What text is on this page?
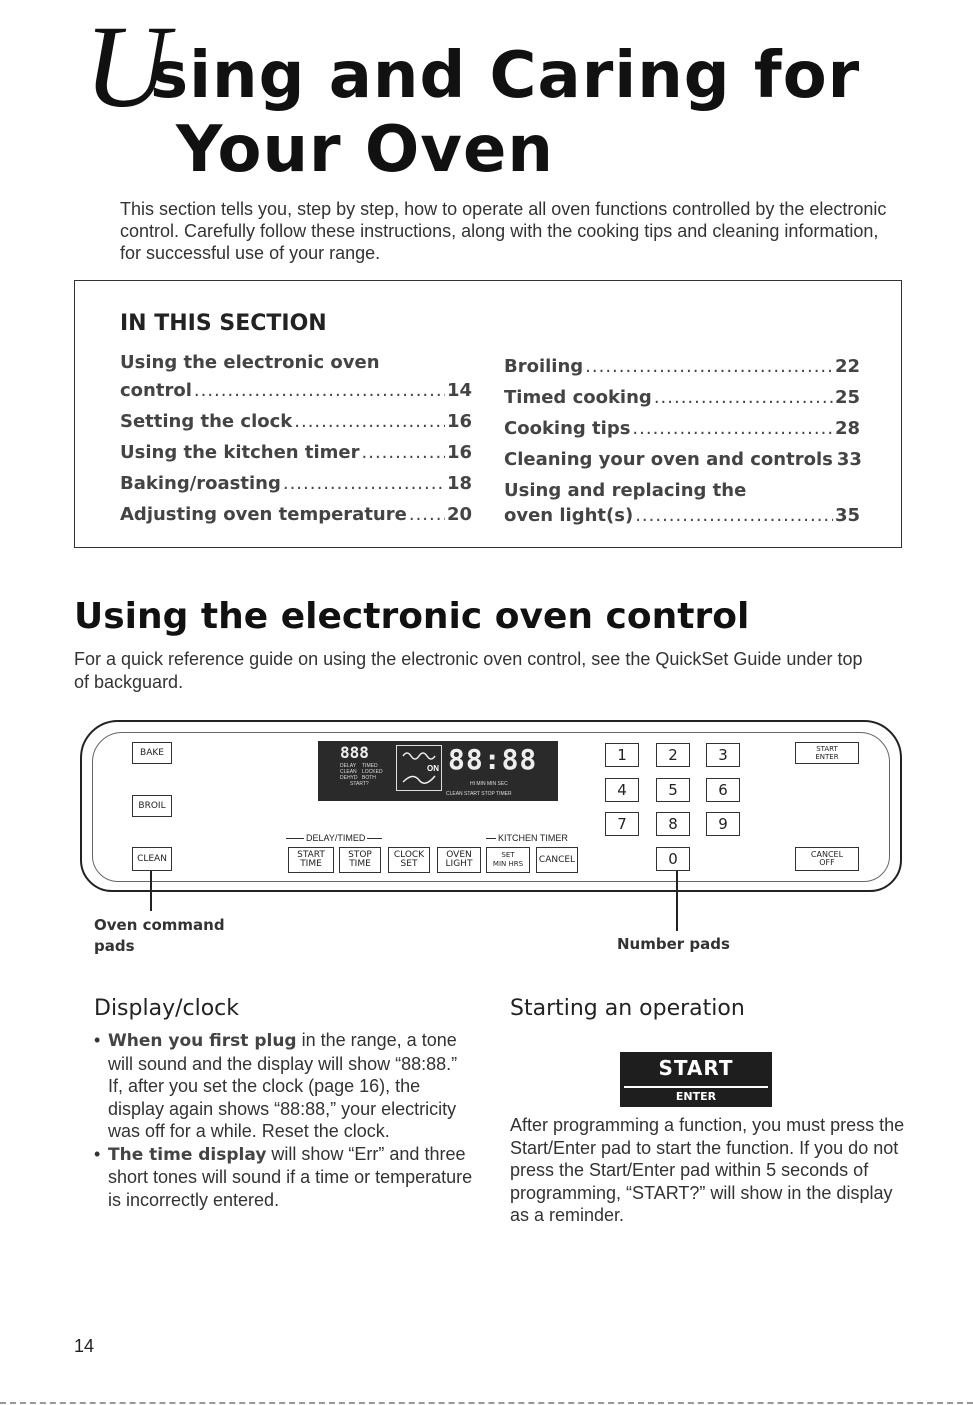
U
sing and Caring for
Your Oven
This section tells you, step by step, how to operate all oven functions controlled by the electronic control. Carefully follow these instructions, along with the cooking tips and cleaning information, for successful use of your range.
IN THIS SECTION
Using the electronic oven
control .....	14
Setting the clock .....	16
Using the kitchen timer .....	16
Baking/roasting .....	18
Adjusting oven temperature ..... 20
Broiling .....	22
Timed cooking .....	25
Cooking tips .....	28
Cleaning your oven and controls 33
Using and replacing the
oven light(s) .....	35
Using the electronic oven control
For a quick reference guide on using the electronic oven control, see the QuickSet Guide under top of backguard.
BAKE
BROIL
CLEAN
888
DELAY
CLEAN
DEHYD
START?
TIMED
LOCKED
BOTH
ON 88:88
HI MIN MIN SEC
CLEAN START STOP TIMER
DELAY/TIMED	KITCHEN TIMER
START
TIME
STOP
TIME
CLOCK
SET
OVEN
LIGHT
SET
MIN HRS CANCEL
1	2	3
4	5	6
7	8	9
0
START
ENTER
CANCEL
OFF
Oven command
pads	Number pads
Display/clock
• When you first plug in the range, a tone will sound and the display will show “88:88.” If, after you set the clock (page 16), the display again shows “88:88,” your electricity was off for a while. Reset the clock.
• The time display will show “Err” and three short tones will sound if a time or temperature is incorrectly entered.
Starting an operation
START
ENTER
After programming a function, you must press the Start/Enter pad to start the function. If you do not press the Start/Enter pad within 5 seconds of programming, “START?” will show in the display as a reminder.
14
